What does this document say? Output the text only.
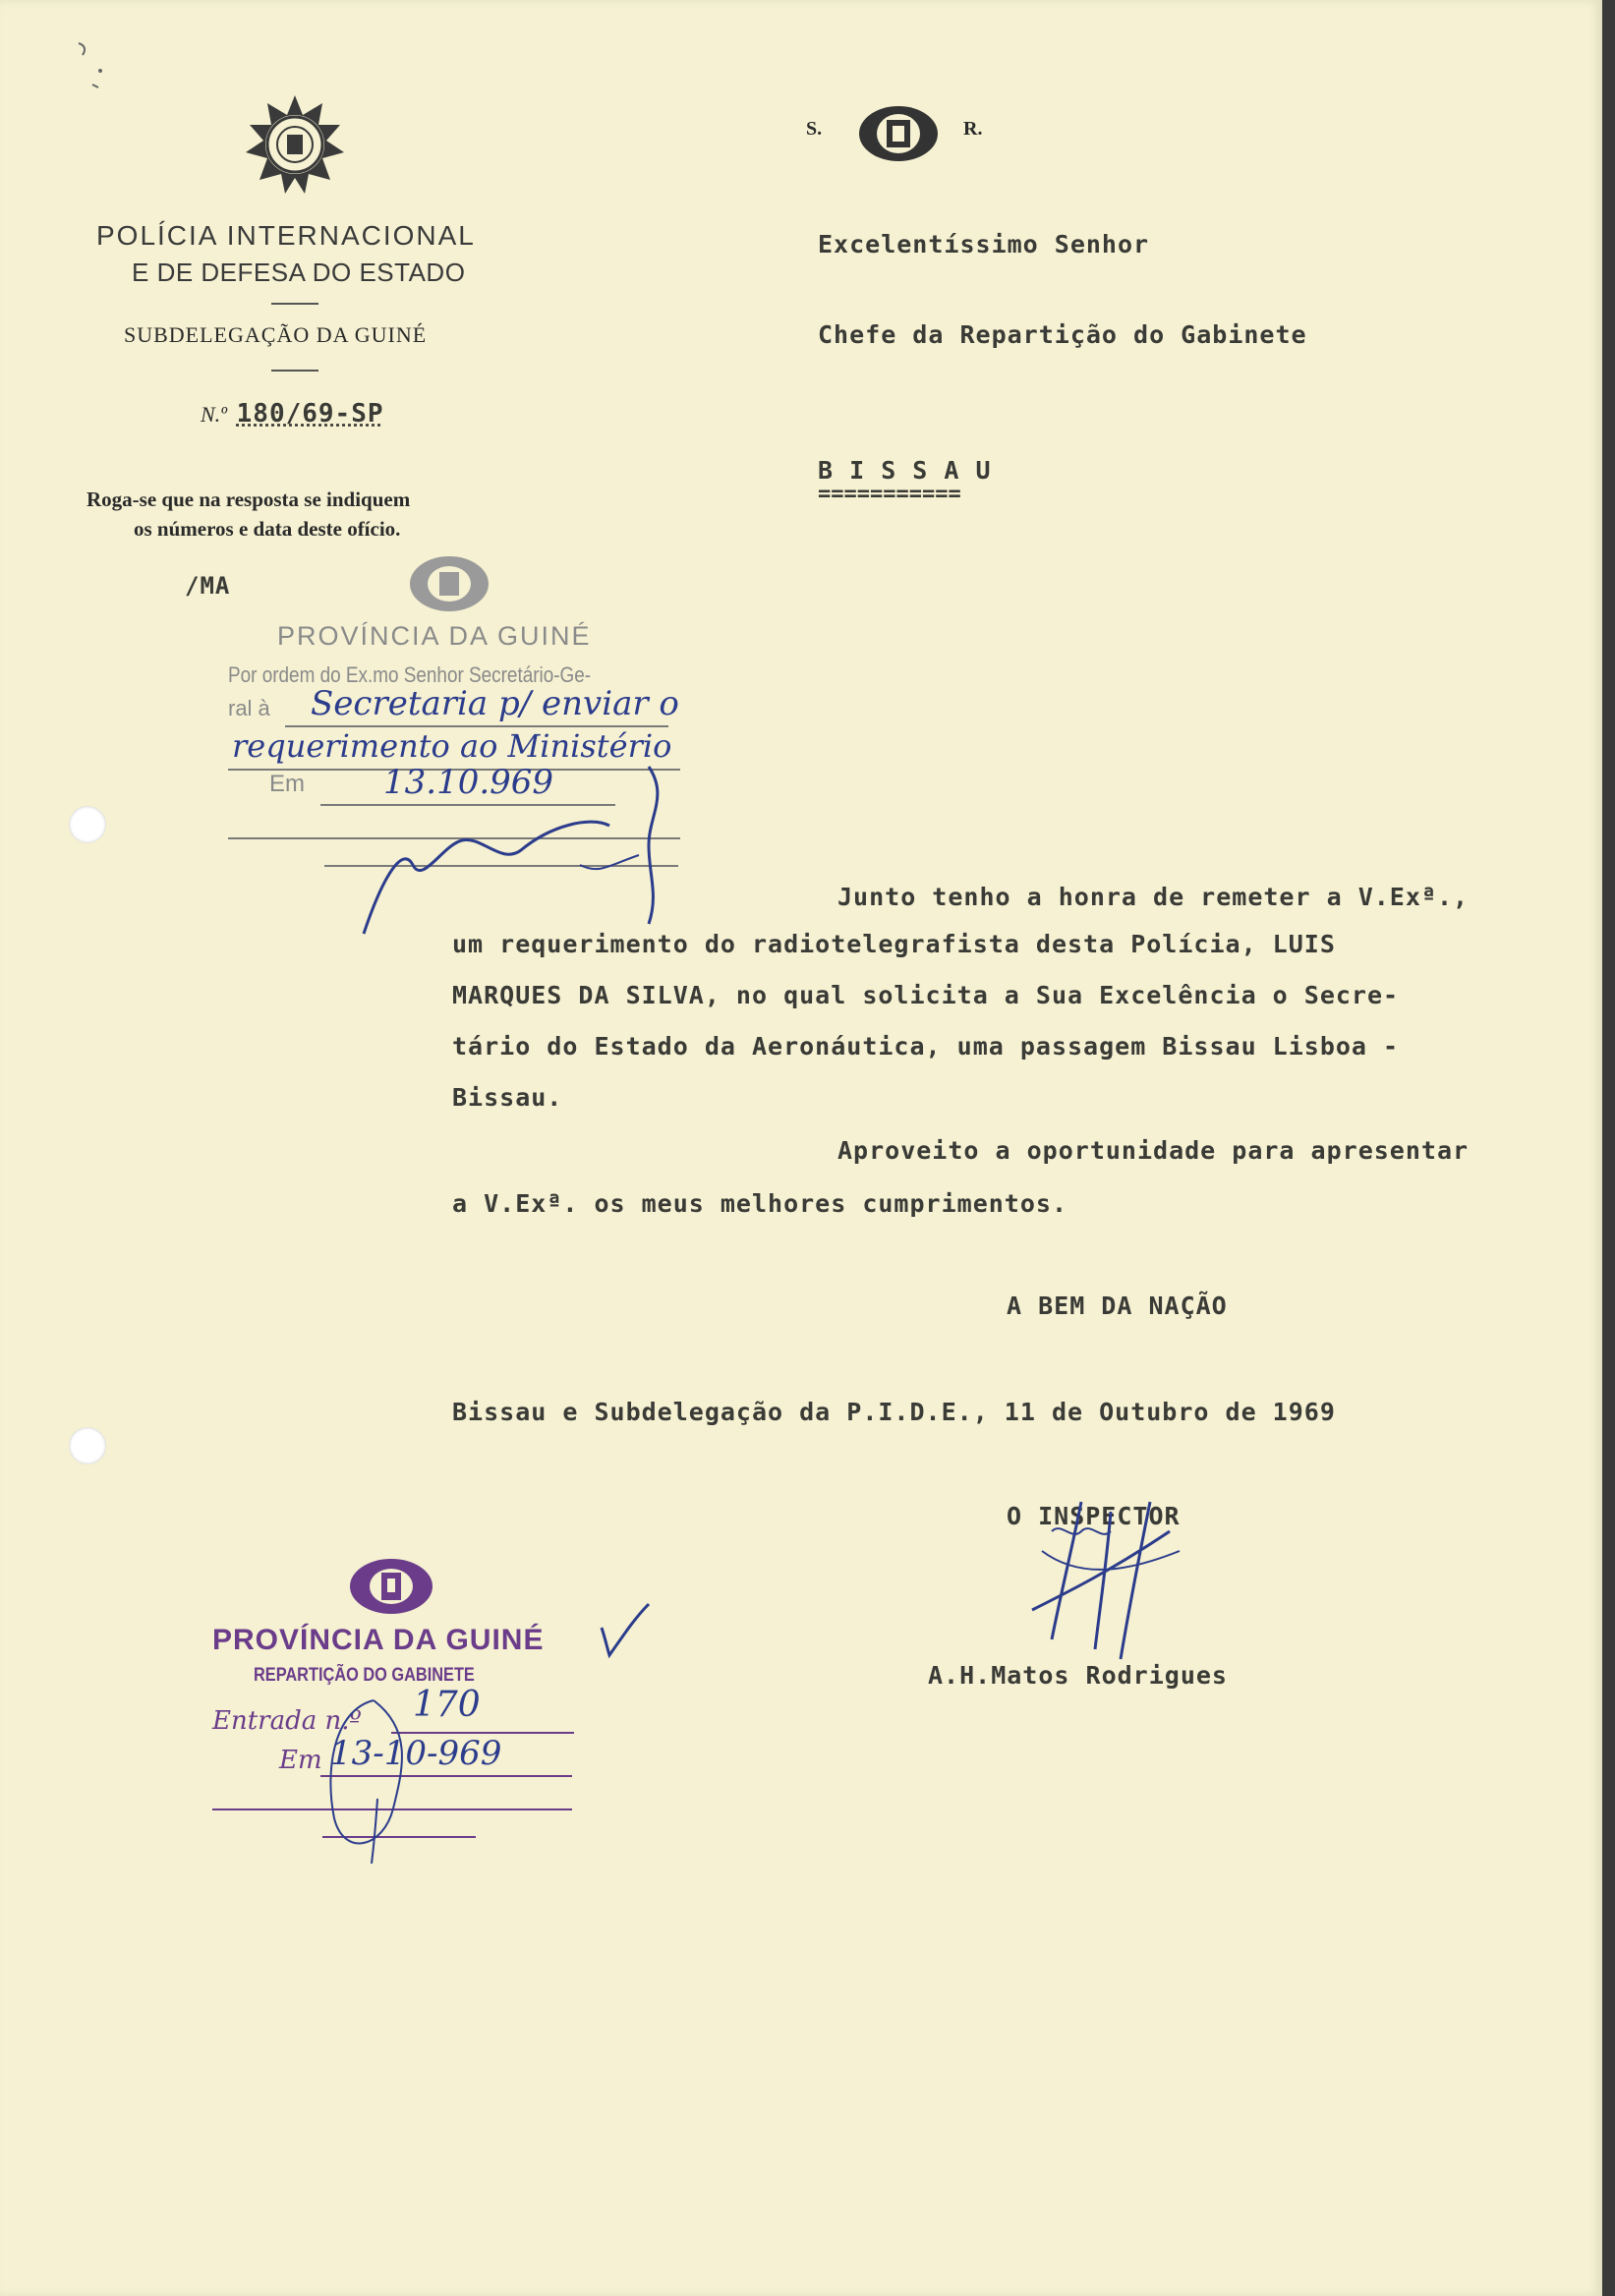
POLÍCIA INTERNACIONAL
E DE DEFESA DO ESTADO
SUBDELEGAÇÃO DA GUINÉ
N.º 180/69-SP
Roga-se que na resposta se indiquem
os números e data deste ofício.
/MA
S.	R.
Excelentíssimo Senhor
Chefe da Repartição do Gabinete
B I S S A U
===========
PROVÍNCIA DA GUINÉ
Por ordem do Ex.mo Senhor Secretário-Ge-
ral à Secretaria p/ enviar o
requerimento ao Ministério
Em 13.10.969
Junto tenho a honra de remeter a V.Exª.,
um requerimento do radiotelegrafista desta Polícia, LUIS
MARQUES DA SILVA, no qual solicita a Sua Excelência o Secre-
tário do Estado da Aeronáutica, uma passagem Bissau Lisboa -
Bissau.
Aproveito a oportunidade para apresentar
a V.Exª. os meus melhores cumprimentos.
A BEM DA NAÇÃO
Bissau e Subdelegação da P.I.D.E., 11 de Outubro de 1969
O INSPECTOR
A.H.Matos Rodrigues
PROVÍNCIA DA GUINÉ
REPARTIÇÃO DO GABINETE
Entrada n.º 170
Em 13-10-969
